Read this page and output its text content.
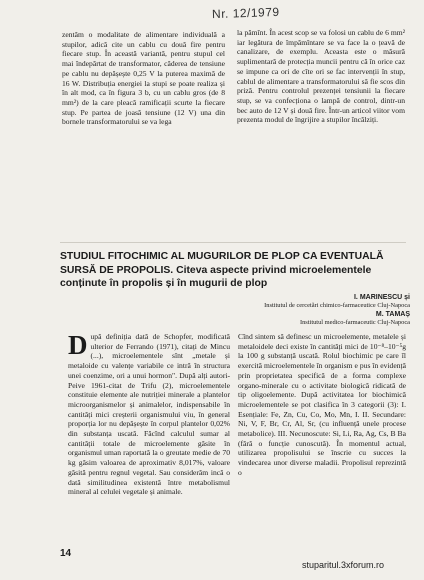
Nr. 12/1979

zentăm o modalitate de alimentare individuală a stupilor, adică cite un cablu cu două fire pentru fiecare stup. În această variantă, pentru stupul cel mai îndepărtat de transformator, căderea de tensiune pe cablu nu depășește 0,25 V la puterea maximă de 16 W. Distribuția energiei la stupi se poate realiza și în alt mod, ca în figura 3 b, cu un cablu gros (de 8 mm²) de la care pleacă ramificații scurte la fiecare stup. Pe partea de joasă tensiune (12 V) una din bornele transformatorului se va lega

la pămînt. În acest scop se va folosi un cablu de 6 mm² iar legătura de împămîntare se va face la o țeavă de canalizare, de exemplu. Aceasta este o măsură suplimentară de protecția muncii pentru că în orice caz se impune ca ori de cîte ori se fac intervenții în stup, cablul de alimentare a transformatorului să fie scos din priză. Pentru controlul prezenței tensiunii la fiecare stup, se va confecționa o lampă de control, dintr-un bec auto de 12 V și două fire. Într-un articol viitor vom prezenta modul de îngrijire a stupilor încălziți.

STUDIUL FITOCHIMIC AL MUGURILOR DE PLOP CA EVENTUALĂ SURSĂ DE PROPOLIS. Citeva aspecte privind microelementele conținute în propolis și în mugurii de plop
I. MARINESCU și
Institutul de cercetări chimico-farmaceutice Cluj-Napoca
M. TAMAȘ
Institutul medico-farmaceutic Cluj-Napoca

După definiția dată de Schopfer, modificată ulterior de Ferrando (1971), citați de Mincu (...), microelementele sînt „metale și metaloide cu valențe variabile ce intră în structura unei coenzime, ori a unui hormon". După alți autori-Peive 1961-citat de Trifu (2), microelementele constituie elemente ale nutriției minerale a plantelor microorganismelor și animalelor, indispensabile în cantități mici creșterii organismului viu, în general proporția lor nu depășește în corpul plantelor 0,02% din substanța uscată. Făcînd calculul sumar al cantității totale de microelemente găsite în organismul uman raportată la o greutate medie de 70 kg găsim valoarea de aproximativ 8,017%, valoare găsită pentru regnul vegetal. Sau considerăm incă o dată similitudinea existentă între metabolismul mineral al celulei vegetale și animale.

Cînd sintem să definesc un microelemente, metalele și metaloidele deci existe în cantități mici de 10⁻⁸–10⁻⁵g la 100 g substanță uscată. Rolul biochimic pe care îl exercită microelementele în organism e pus în evidență prin proprietatea specifică de a forma complexe organo-minerale cu o activitate biologică ridicată de tip oligoelemente. După activitatea lor biochimică microelementele se pot clasifica în 3 categorii (3): I. Esențiale: Fe, Zn, Cu, Co, Mo, Mn, I. II. Secundare: Ni, V, F, Br, Cr, Al, Sr, (cu influență unele procese metabolice). III. Necunoscute: Si, Li, Ra, Ag, Cs, B Ba (fără o funcție cunoscută). În momentul actual, utilizarea propolisului se înscrie cu succes la vindecarea unor diverse maladii. Propolisul reprezintă o

14
stuparitul.3xforum.ro
